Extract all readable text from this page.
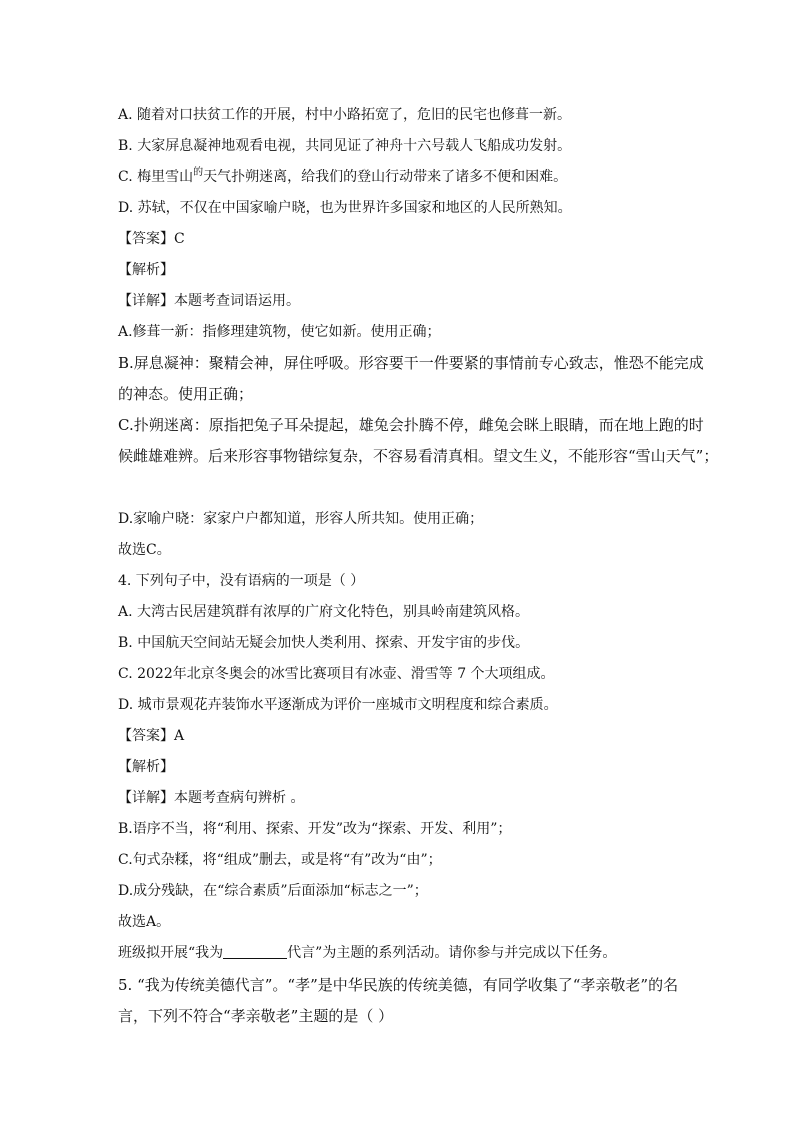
A. 随着对口扶贫工作的开展，村中小路拓宽了，危旧的民宅也修葺一新。
B. 大家屏息凝神地观看电视，共同见证了神舟十六号载人飞船成功发射。
C. 梅里雪山$^的$天气扑朔迷离，给我们的登山行动带来了诸多不便和困难。
D. 苏轼，不仅在中国家喻户晓，也为世界许多国家和地区的人民所熟知。
【答案】C
【解析】
【详解】本题考查词语运用。
A.修葺一新：指修理建筑物，使它如新。使用正确；
B.屏息凝神：聚精会神，屏住呼吸。形容要干一件要紧的事情前专心致志，惟恐不能完成
的神态。使用正确；
C.扑朔迷离：原指把兔子耳朵提起，雄兔会扑腾不停，雌兔会眯上眼睛，而在地上跑的时
候雌雄难辨。后来形容事物错综复杂，不容易看清真相。望文生义，不能形容“雪山天气”；
D.家喻户晓：家家户户都知道，形容人所共知。使用正确；
故选C。
4. 下列句子中，没有语病的一项是（ ）
A. 大湾古民居建筑群有浓厚的广府文化特色，别具岭南建筑风格。
B. 中国航天空间站无疑会加快人类利用、探索、开发宇宙的步伐。
C. 2022年北京冬奥会的冰雪比赛项目有冰壶、滑雪等 7 个大项组成。
D. 城市景观花卉装饰水平逐渐成为评价一座城市文明程度和综合素质。
【答案】A
【解析】
【详解】本题考查病句辨析 。
B.语序不当，将“利用、探索、开发”改为“探索、开发、利用”；
C.句式杂糅，将“组成”删去，或是将“有”改为“由”；
D.成分残缺，在“综合素质”后面添加“标志之一”；
故选A。
班级拟开展“我为	代言”为主题的系列活动。请你参与并完成以下任务。
5. “我为传统美德代言”。“孝”是中华民族的传统美德，有同学收集了“孝亲敬老”的名
言，下列不符合“孝亲敬老”主题的是（ ）
